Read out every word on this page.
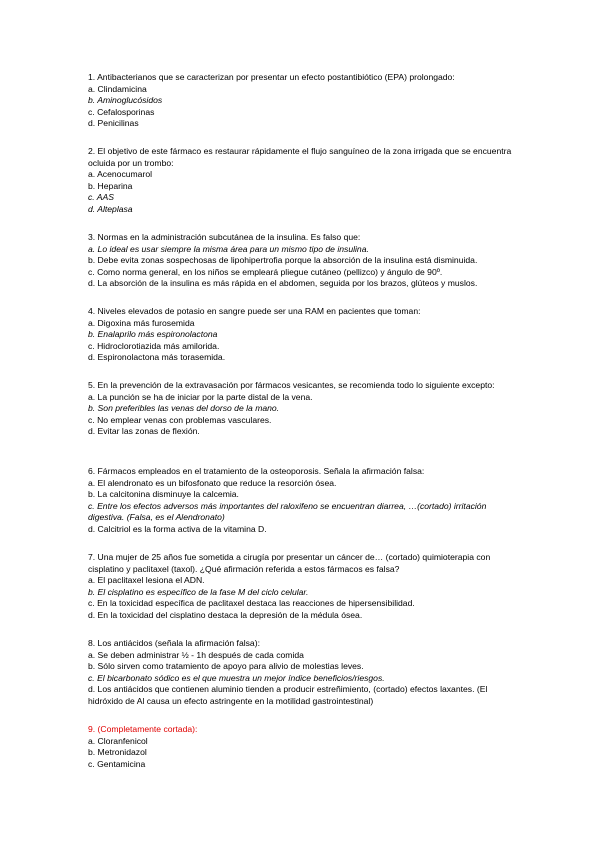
1. Antibacterianos que se caracterizan por presentar un efecto postantibiótico (EPA) prolongado:
a. Clindamicina
b. Aminoglucósidos
c. Cefalosporinas
d. Penicilinas
2. El objetivo de este fármaco es restaurar rápidamente el flujo sanguíneo de la zona irrigada que se encuentra ocluida por un trombo:
a. Acenocumarol
b. Heparina
c. AAS
d. Alteplasa
3. Normas en la administración subcutánea de la insulina. Es falso que:
a. Lo ideal es usar siempre la misma área para un mismo tipo de insulina.
b. Debe evita zonas sospechosas de lipohipertrofia porque la absorción de la insulina está disminuida.
c. Como norma general, en los niños se empleará pliegue cutáneo (pellizco) y ángulo de 90º.
d. La absorción de la insulina es más rápida en el abdomen, seguida por los brazos, glúteos y muslos.
4. Niveles elevados de potasio en sangre puede ser una RAM en pacientes que toman:
a. Digoxina más furosemida
b. Enalaprilo más espironolactona
c. Hidroclorotiazida más amilorida.
d. Espironolactona más torasemida.
5. En la prevención de la extravasación por fármacos vesicantes, se recomienda todo lo siguiente excepto:
a. La punción se ha de iniciar por la parte distal de la vena.
b. Son preferibles las venas del dorso de la mano.
c. No emplear venas con problemas vasculares.
d. Evitar las zonas de flexión.
6. Fármacos empleados en el tratamiento de la osteoporosis. Señala la afirmación falsa:
a. El alendronato es un bifosfonato que reduce la resorción ósea.
b. La calcitonina disminuye la calcemia.
c. Entre los efectos adversos más importantes del raloxifeno se encuentran diarrea, …(cortado) irritación digestiva. (Falsa, es el Alendronato)
d. Calcitriol es la forma activa de la vitamina D.
7. Una mujer de 25 años fue sometida a cirugía por presentar un cáncer de… (cortado) quimioterapia con cisplatino y paclitaxel (taxol). ¿Qué afirmación referida a estos fármacos es falsa?
a. El paclitaxel lesiona el ADN.
b. El cisplatino es específico de la fase M del ciclo celular.
c. En la toxicidad específica de paclitaxel destaca las reacciones de hipersensibilidad.
d. En la toxicidad del cisplatino destaca la depresión de la médula ósea.
8. Los antiácidos (señala la afirmación falsa):
a. Se deben administrar ½ - 1h después de cada comida
b. Sólo sirven como tratamiento de apoyo para alivio de molestias leves.
c. El bicarbonato sódico es el que muestra un mejor índice beneficios/riesgos.
d. Los antiácidos que contienen aluminio tienden a producir estreñimiento, (cortado) efectos laxantes. (El hidróxido de Al causa un efecto astringente en la motilidad gastrointestinal)
9. (Completamente cortada):
a. Cloranfenicol
b. Metronidazol
c. Gentamicina
